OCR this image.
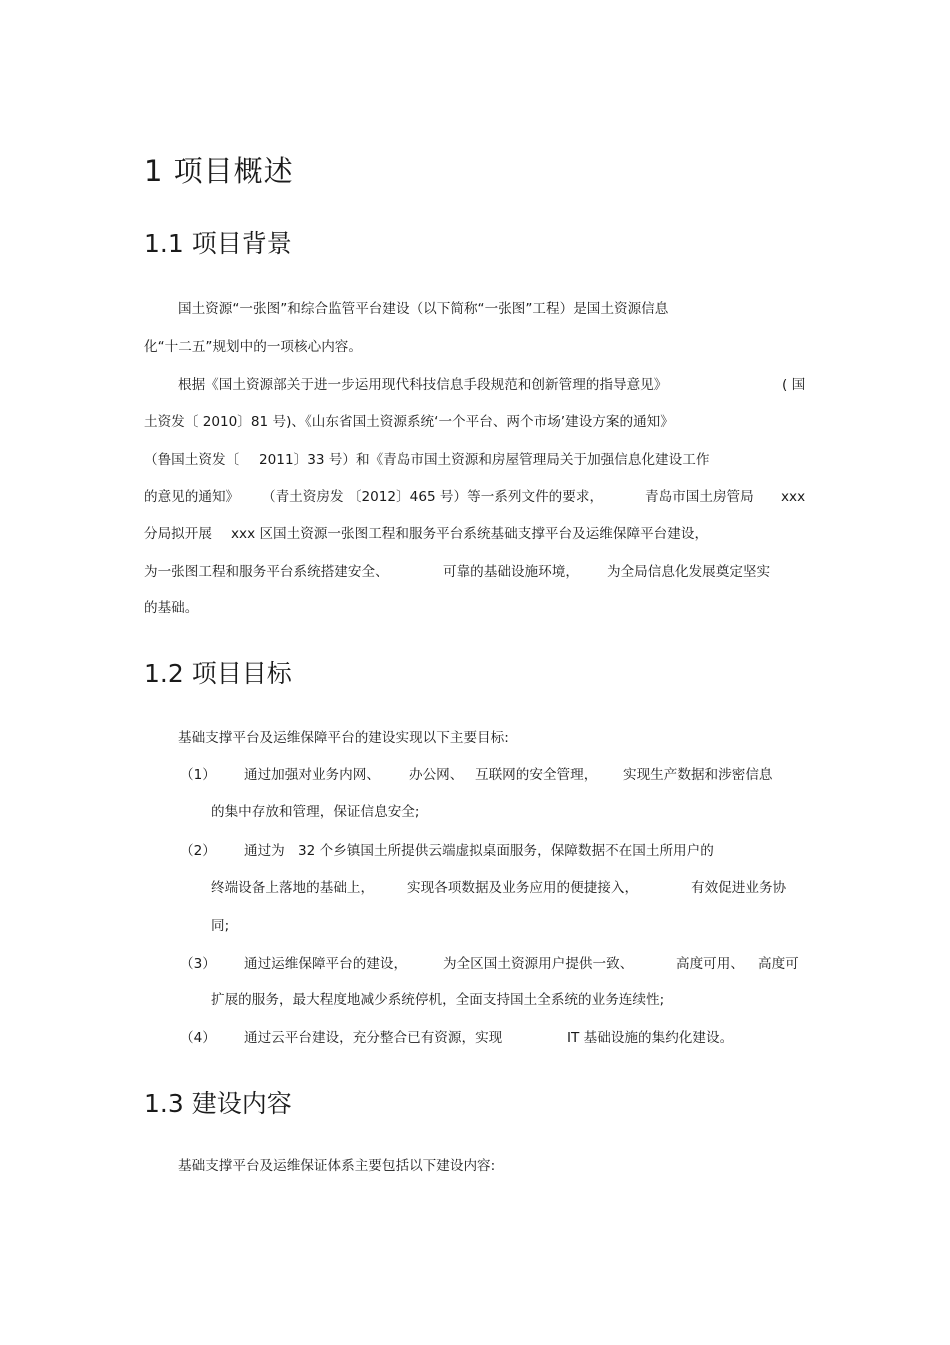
1 项目概述
1.1 项目背景

国土资源“一张图”和综合监管平台建设（以下简称“一张图”工程）是国土资源信息

化“十二五”规划中的一项核心内容。

根据《国土资源部关于进一步运用现代科技信息手段规范和创新管理的指导意见》	( 国

土资发〔 2010〕81 号)、《山东省国土资源系统‘一个平台、两个市场’建设方案的通知》

（鲁国土资发〔 2011〕33 号）和《青岛市国土资源和房屋管理局关于加强信息化建设工作

的意见的通知》 （青土资房发 〔2012〕465 号）等一系列文件的要求，	青岛市国土房管局 xxx

分局拟开展 xxx 区国土资源一张图工程和服务平台系统基础支撑平台及运维保障平台建设，

为一张图工程和服务平台系统搭建安全、	可靠的基础设施环境， 为全局信息化发展奠定坚实

的基础。

1.2 项目目标

基础支撑平台及运维保障平台的建设实现以下主要目标:

（1） 通过加强对业务内网、 办公网、 互联网的安全管理， 实现生产数据和涉密信息
的集中存放和管理，保证信息安全;
（2） 通过为 32 个乡镇国土所提供云端虚拟桌面服务，保障数据不在国土所用户的
终端设备上落地的基础上， 实现各项数据及业务应用的便捷接入，	有效促进业务协
同;
（3） 通过运维保障平台的建设，	为全区国土资源用户提供一致、	高度可用、 高度可
扩展的服务，最大程度地减少系统停机，全面支持国土全系统的业务连续性;
（4） 通过云平台建设，充分整合已有资源，实现	IT 基础设施的集约化建设。
1.3 建设内容

基础支撑平台及运维保证体系主要包括以下建设内容:
